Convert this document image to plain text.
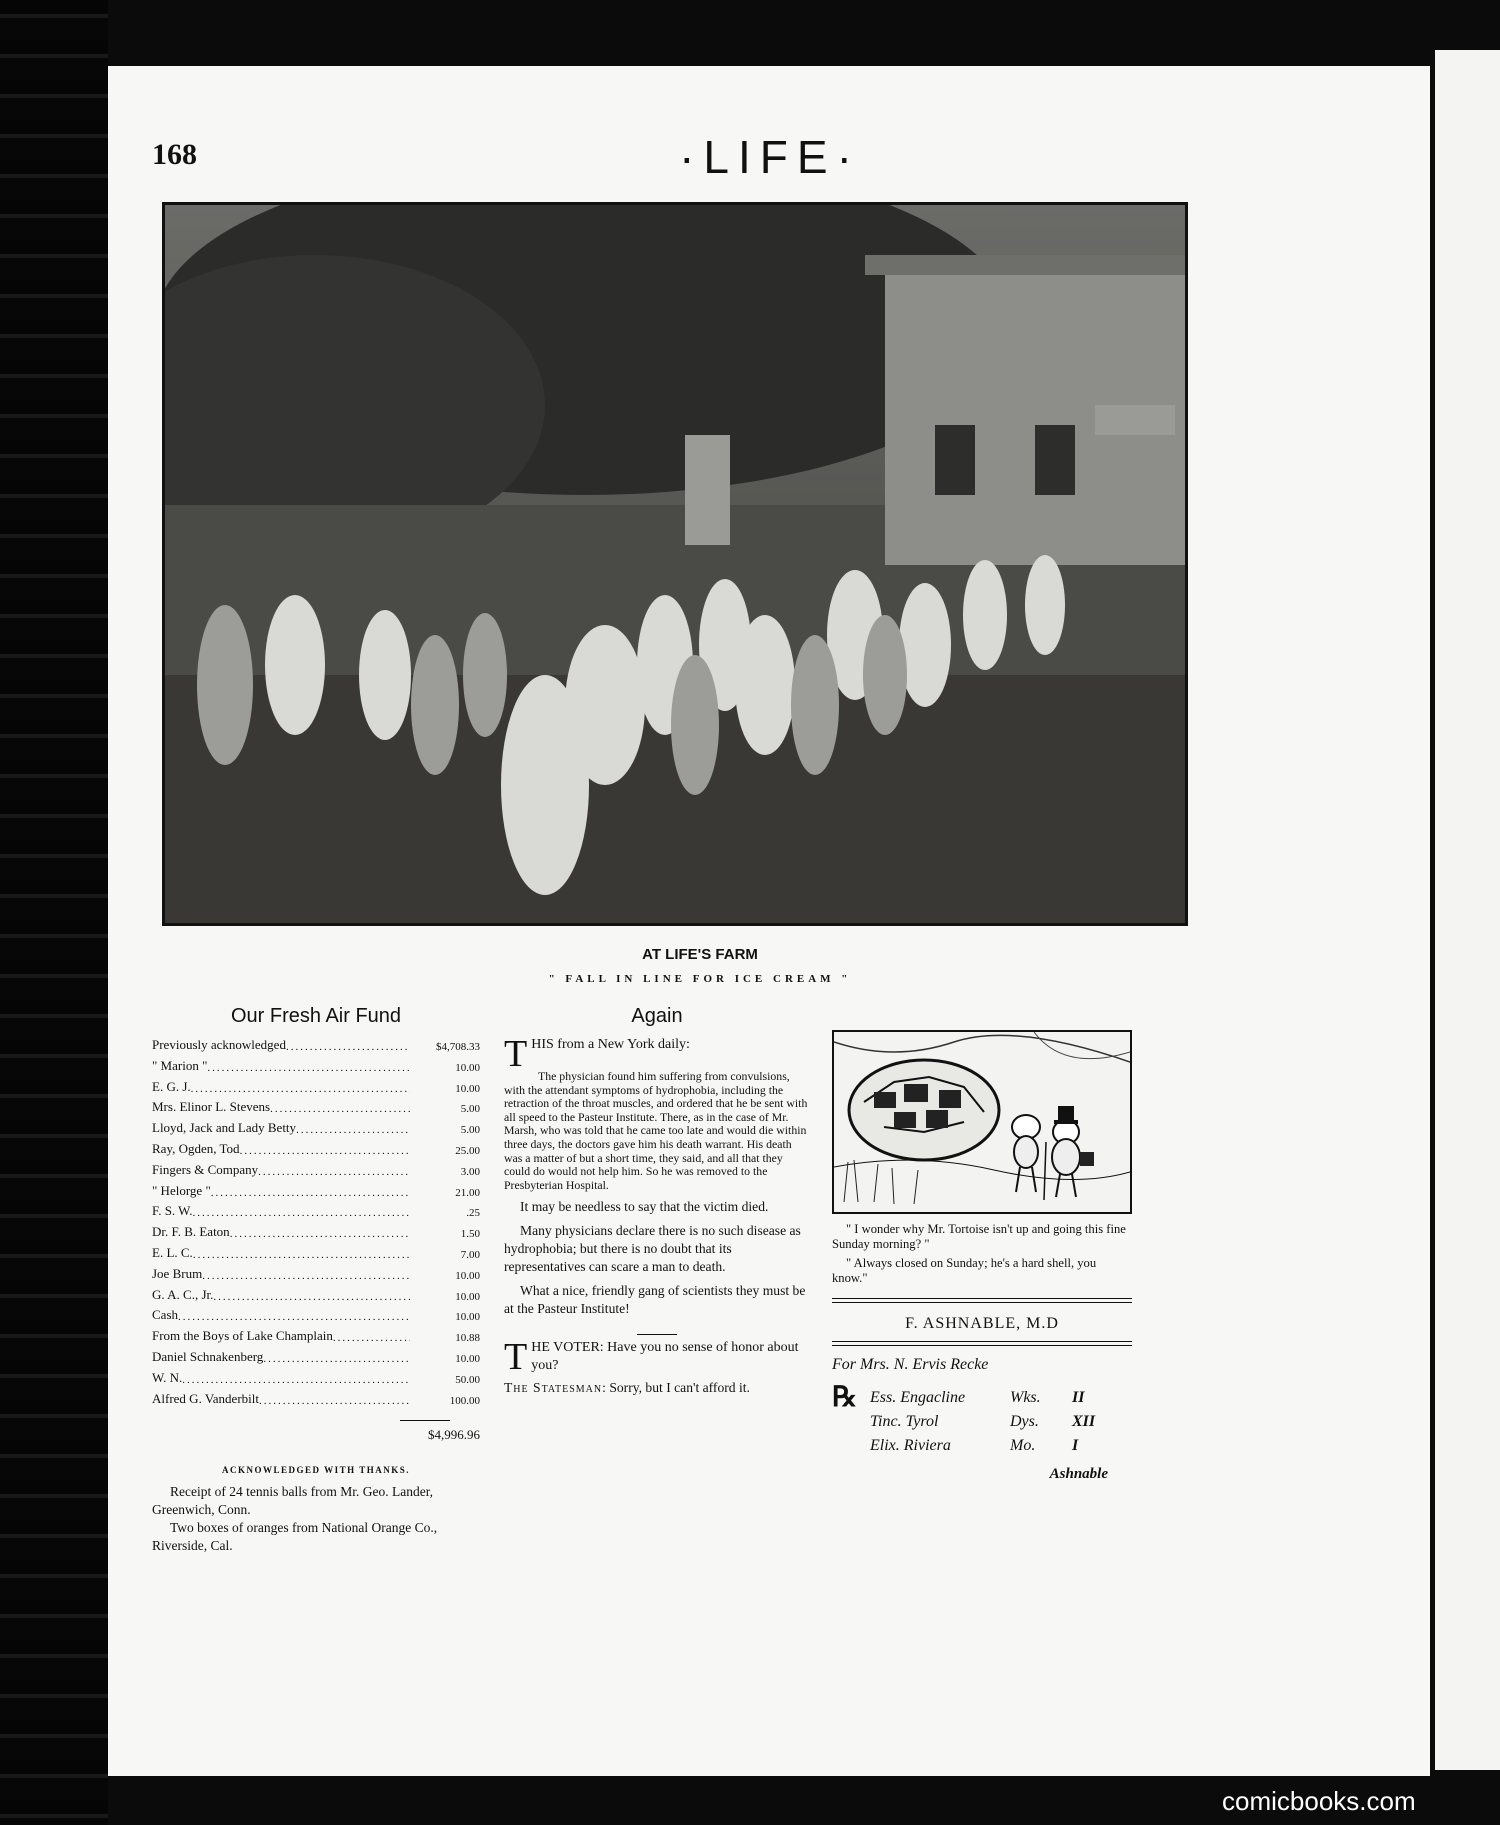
168	·LIFE·
AT LIFE'S FARM
" FALL IN LINE FOR ICE CREAM "
Our Fresh Air Fund
Previously acknowledged .....	$4,708.33
" Marion " .....	10.00
E. G. J. .....	10.00
Mrs. Elinor L. Stevens .....	5.00
Lloyd, Jack and Lady Betty .....	5.00
Ray, Ogden, Tod .....	25.00
Fingers & Company .....	3.00
" Helorge " .....	21.00
F. S. W. .....	.25
Dr. F. B. Eaton .....	1.50
E. L. C. .....	7.00
Joe Brum .....	10.00
G. A. C., Jr. .....	10.00
Cash .....	10.00
From the Boys of Lake Champlain .....	10.88
Daniel Schnakenberg .....	10.00
W. N. .....	50.00
Alfred G. Vanderbilt .....	100.00
$4,996.96
ACKNOWLEDGED WITH THANKS.
Receipt of 24 tennis balls from Mr. Geo. Lander, Greenwich, Conn.
Two boxes of oranges from National Orange Co., Riverside, Cal.
Again
THIS from a New York daily:
The physician found him suffering from convulsions, with the attendant symptoms of hydrophobia, including the retraction of the throat muscles, and ordered that he be sent with all speed to the Pasteur Institute. There, as in the case of Mr. Marsh, who was told that he came too late and would die within three days, the doctors gave him his death warrant. His death was a matter of but a short time, they said, and all that they could do would not help him. So he was removed to the Presbyterian Hospital.
It may be needless to say that the victim died.
Many physicians declare there is no such disease as hydrophobia; but there is no doubt that its representatives can scare a man to death.
What a nice, friendly gang of scientists they must be at the Pasteur Institute!
THE VOTER: Have you no sense of honor about you?
The Statesman: Sorry, but I can't afford it.
" I wonder why Mr. Tortoise isn't up and going this fine Sunday morning? "
" Always closed on Sunday; he's a hard shell, you know."
F. ASHNABLE, M.D
For Mrs. N. Ervis Recke
℞ Ess. Engacline	Wks.	II
Tinc. Tyrol	Dys.	XII
Elix. Riviera	Mo.	I
Ashnable
comicbooks.com
